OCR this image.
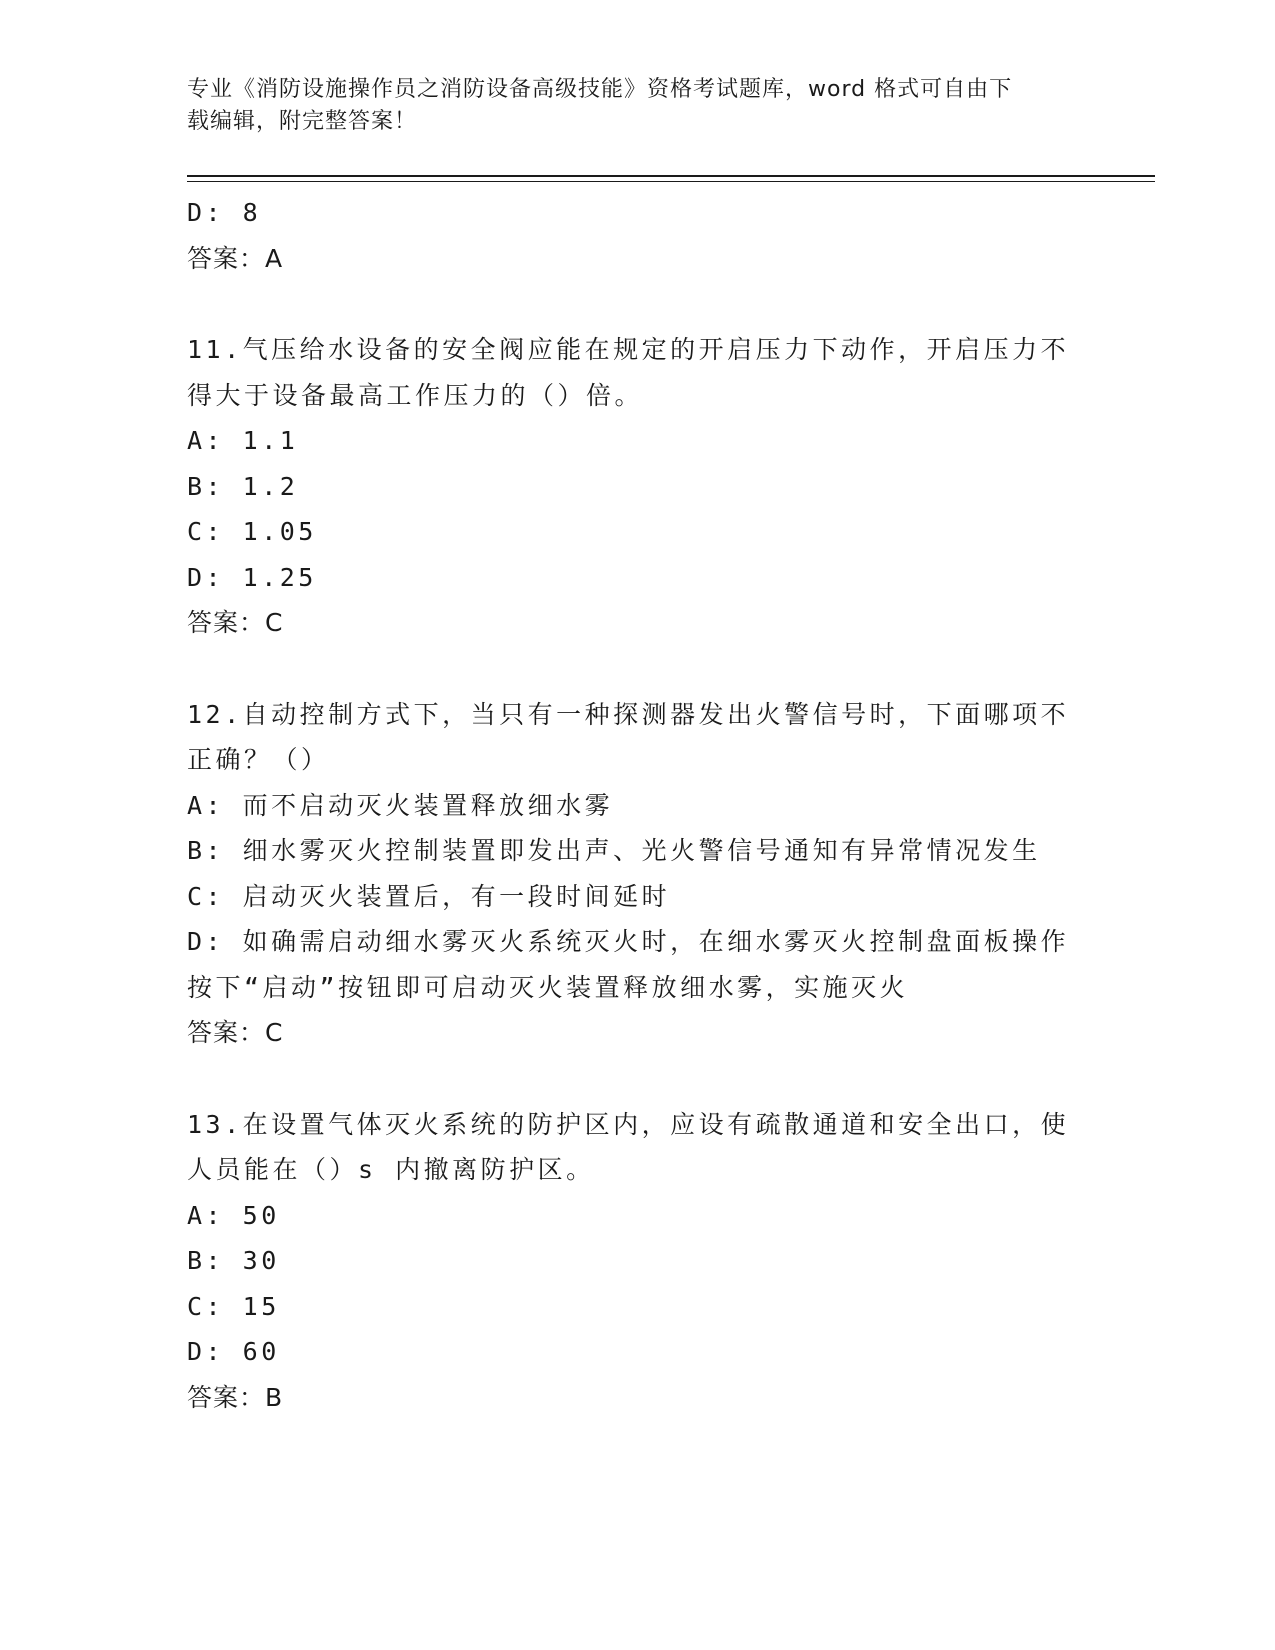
专业《消防设施操作员之消防设备高级技能》资格考试题库，word 格式可自由下
载编辑，附完整答案！
D: 8
答案：A
11.气压给水设备的安全阀应能在规定的开启压力下动作，开启压力不得大于设备最高工作压力的（）倍。
A: 1.1
B: 1.2
C: 1.05
D: 1.25
答案：C
12.自动控制方式下，当只有一种探测器发出火警信号时，下面哪项不正确？（）
A: 而不启动灭火装置释放细水雾
B: 细水雾灭火控制装置即发出声、光火警信号通知有异常情况发生
C: 启动灭火装置后，有一段时间延时
D: 如确需启动细水雾灭火系统灭火时，在细水雾灭火控制盘面板操作按下“启动”按钮即可启动灭火装置释放细水雾，实施灭火
答案：C
13.在设置气体灭火系统的防护区内，应设有疏散通道和安全出口，使人员能在（）s 内撤离防护区。
A: 50
B: 30
C: 15
D: 60
答案：B
